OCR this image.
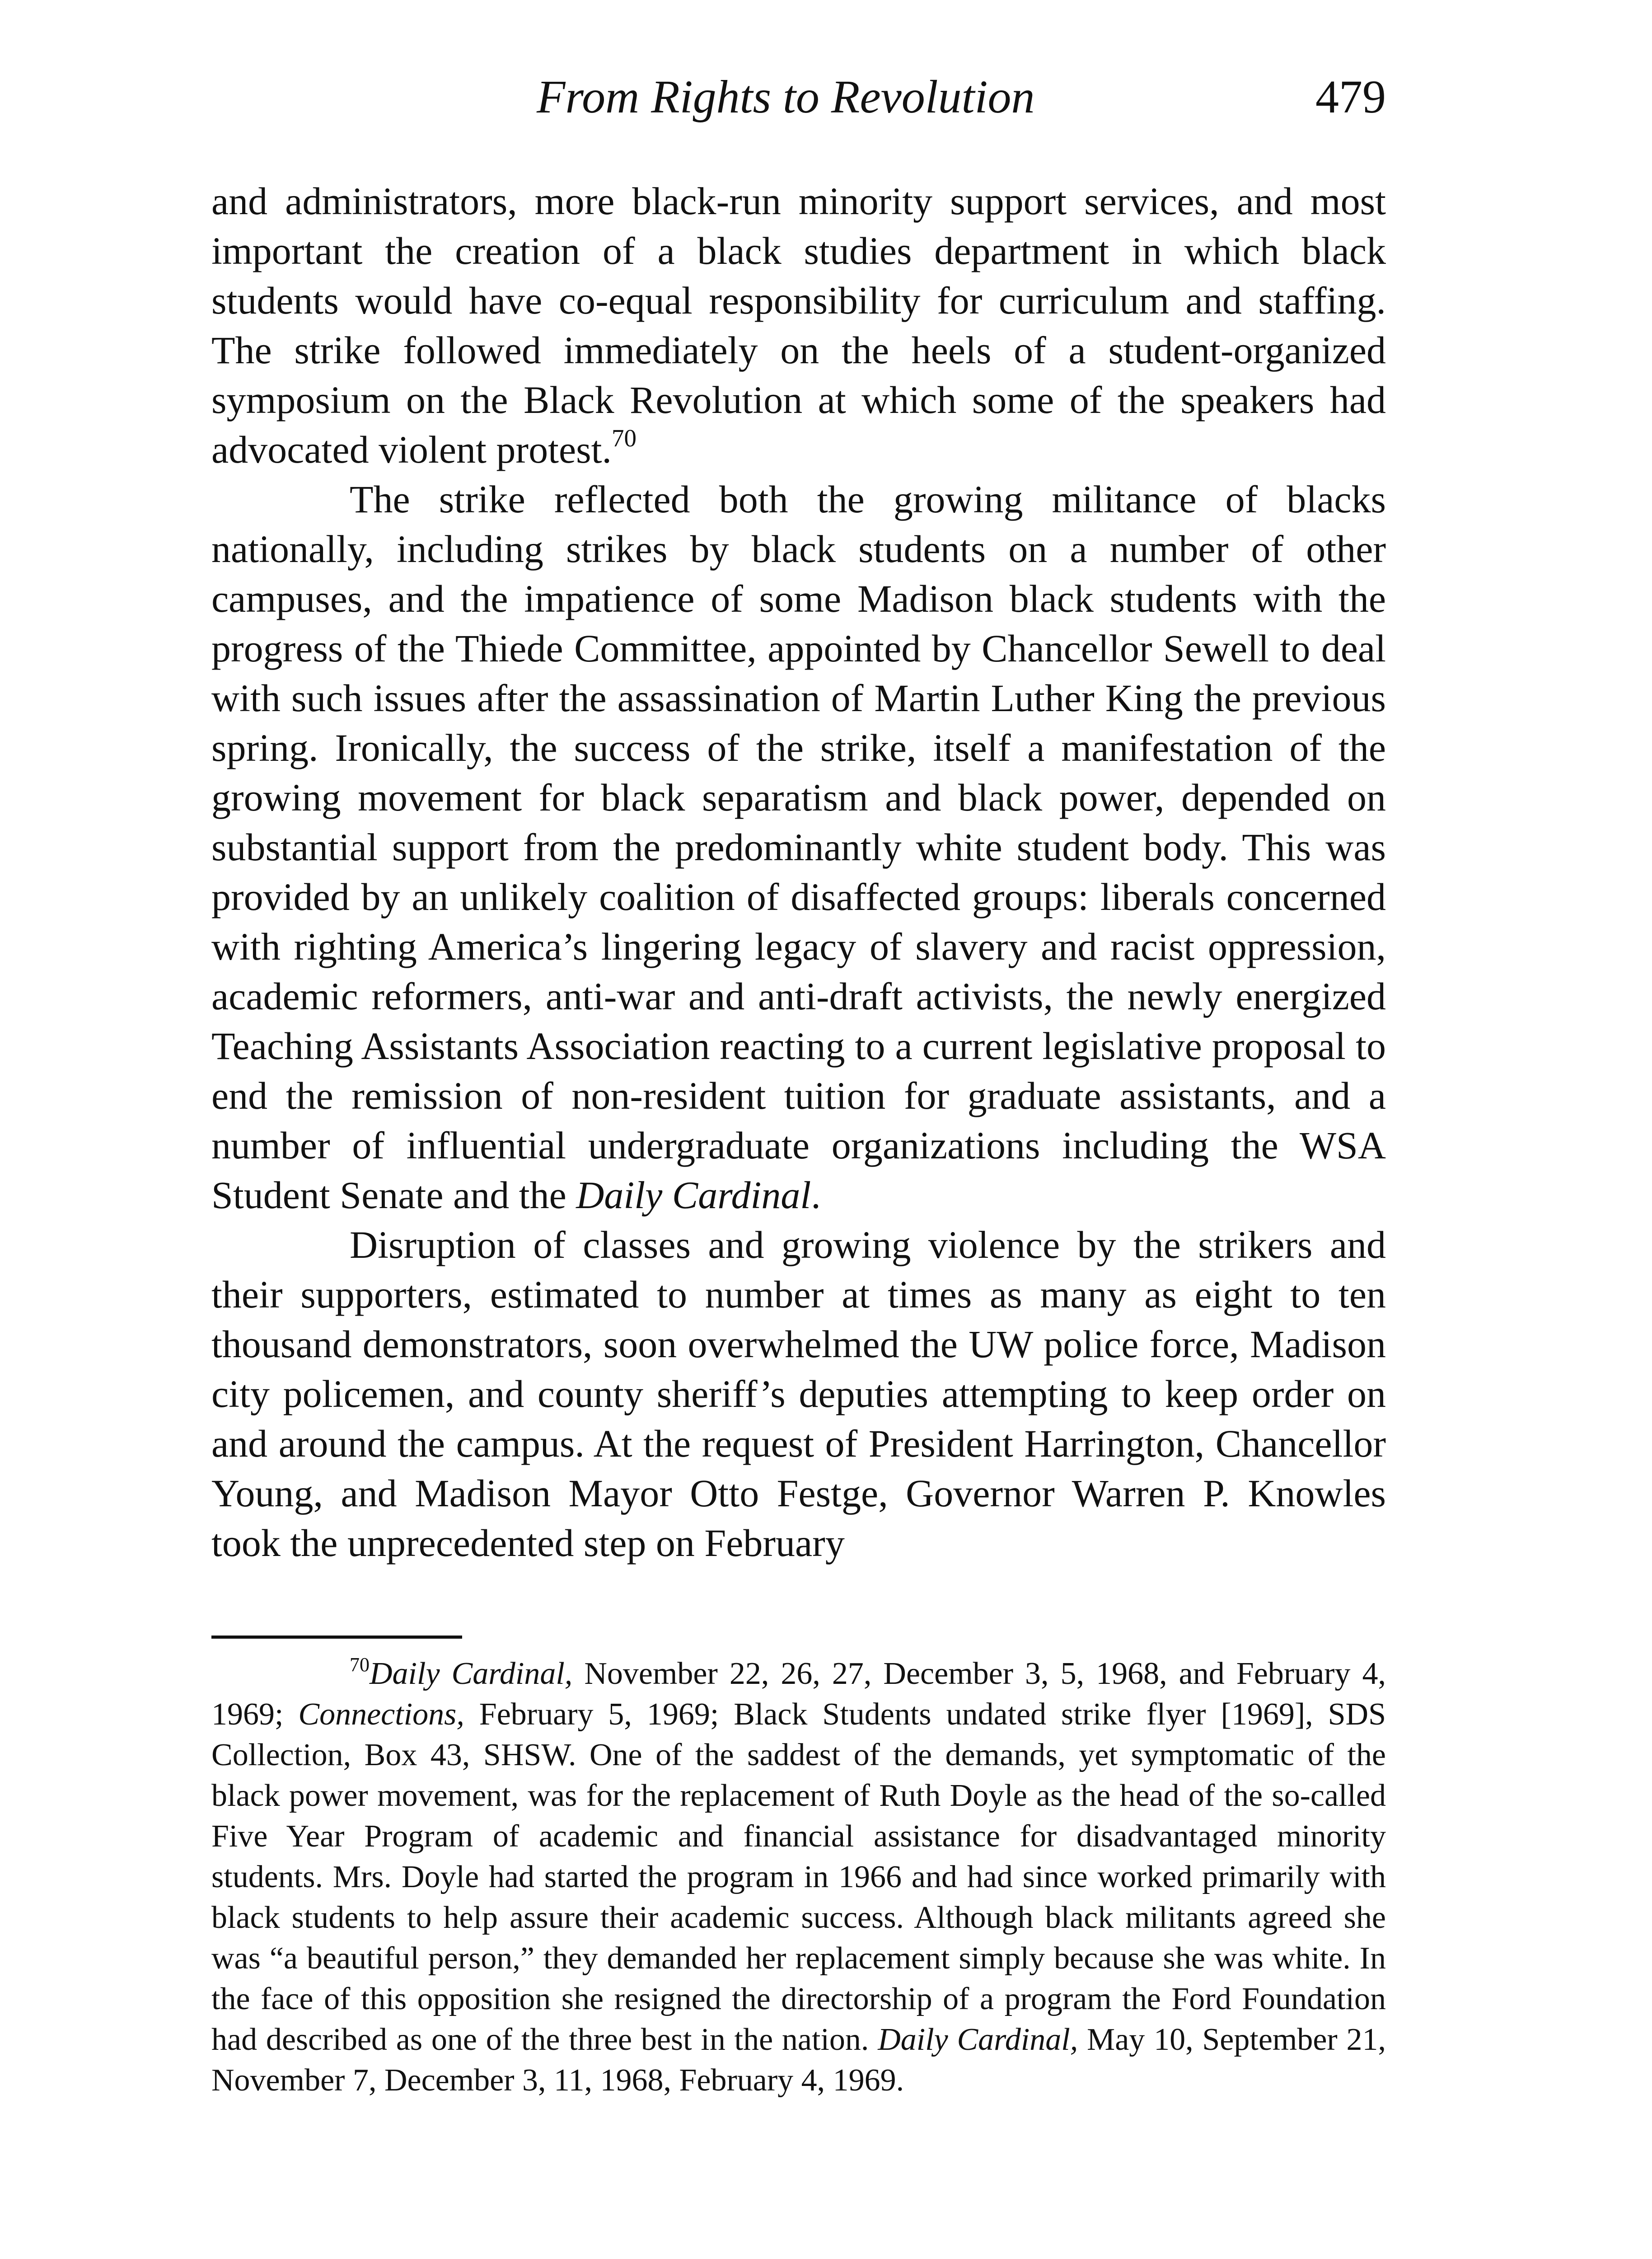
From Rights to Revolution	479

and administrators, more black-run minority support services, and most important the creation of a black studies department in which black students would have co-equal responsibility for curriculum and staffing. The strike followed immediately on the heels of a student-organized symposium on the Black Revolution at which some of the speakers had advocated violent protest.$^{70}$

The strike reflected both the growing militance of blacks nationally, including strikes by black students on a number of other campuses, and the impatience of some Madison black students with the progress of the Thiede Committee, appointed by Chancellor Sewell to deal with such issues after the assassination of Martin Luther King the previous spring. Ironically, the success of the strike, itself a manifestation of the growing movement for black separatism and black power, depended on substantial support from the predominantly white student body. This was provided by an unlikely coalition of disaffected groups: liberals concerned with righting America’s lingering legacy of slavery and racist oppression, academic reformers, anti-war and anti-draft activists, the newly energized Teaching Assistants Association reacting to a current legislative proposal to end the remission of non-resident tuition for graduate assistants, and a number of influential undergraduate organizations including the WSA Student Senate and the Daily Cardinal.

Disruption of classes and growing violence by the strikers and their supporters, estimated to number at times as many as eight to ten thousand demonstrators, soon overwhelmed the UW police force, Madison city policemen, and county sheriff’s deputies attempting to keep order on and around the campus. At the request of President Harrington, Chancellor Young, and Madison Mayor Otto Festge, Governor Warren P. Knowles took the unprecedented step on February

$^{70}$Daily Cardinal, November 22, 26, 27, December 3, 5, 1968, and February 4, 1969; Connections, February 5, 1969; Black Students undated strike flyer [1969], SDS Collection, Box 43, SHSW. One of the saddest of the demands, yet symptomatic of the black power movement, was for the replacement of Ruth Doyle as the head of the so-called Five Year Program of academic and financial assistance for disadvantaged minority students. Mrs. Doyle had started the program in 1966 and had since worked primarily with black students to help assure their academic success. Although black militants agreed she was “a beautiful person,” they demanded her replacement simply because she was white. In the face of this opposition she resigned the directorship of a program the Ford Foundation had described as one of the three best in the nation. Daily Cardinal, May 10, September 21, November 7, December 3, 11, 1968, February 4, 1969.
